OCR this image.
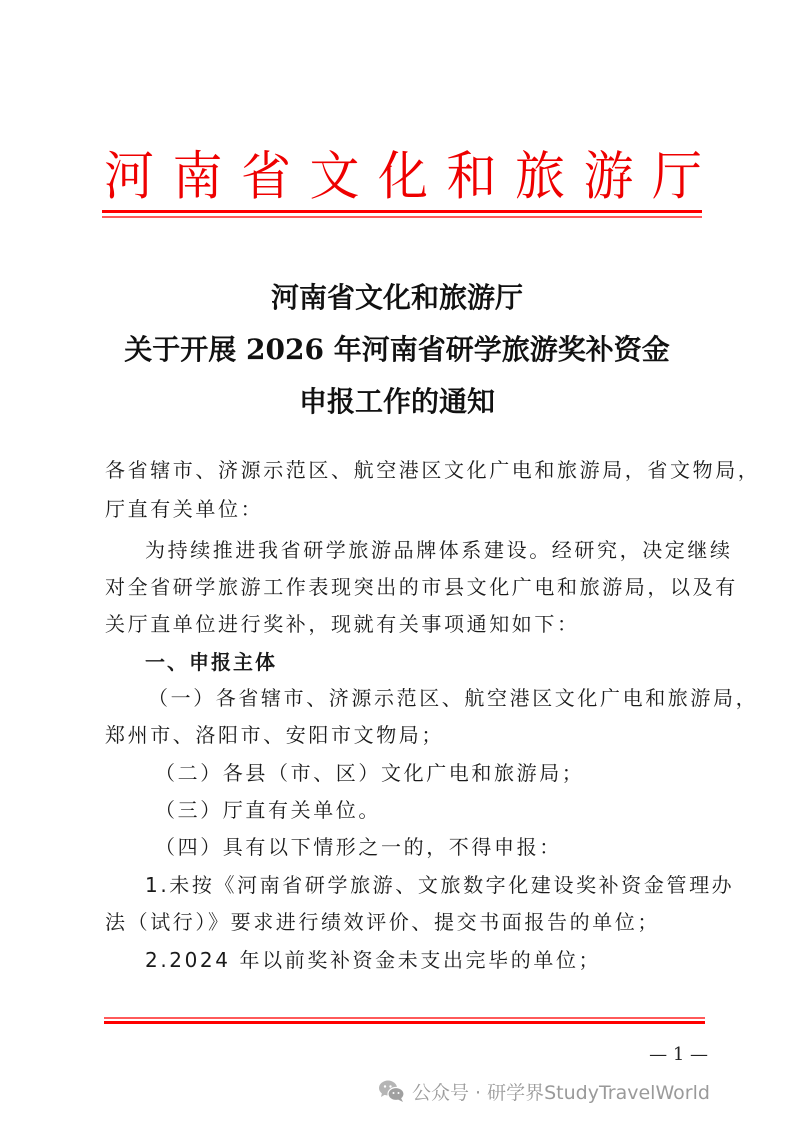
河 南 省 文 化 和 旅 游 厅
河南省文化和旅游厅
关于开展 2026 年河南省研学旅游奖补资金
申报工作的通知
各省辖市、济源示范区、航空港区文化广电和旅游局，省文物局，
厅直有关单位：
为持续推进我省研学旅游品牌体系建设。经研究，决定继续
对全省研学旅游工作表现突出的市县文化广电和旅游局，以及有
关厅直单位进行奖补，现就有关事项通知如下：
一、申报主体
（一）各省辖市、济源示范区、航空港区文化广电和旅游局，
郑州市、洛阳市、安阳市文物局；
（二）各县（市、区）文化广电和旅游局；
（三）厅直有关单位。
（四）具有以下情形之一的，不得申报：
1.未按《河南省研学旅游、文旅数字化建设奖补资金管理办
法（试行）》要求进行绩效评价、提交书面报告的单位；
2.2024 年以前奖补资金未支出完毕的单位；
— 1 —
公众号 · 研学界StudyTravelWorld
